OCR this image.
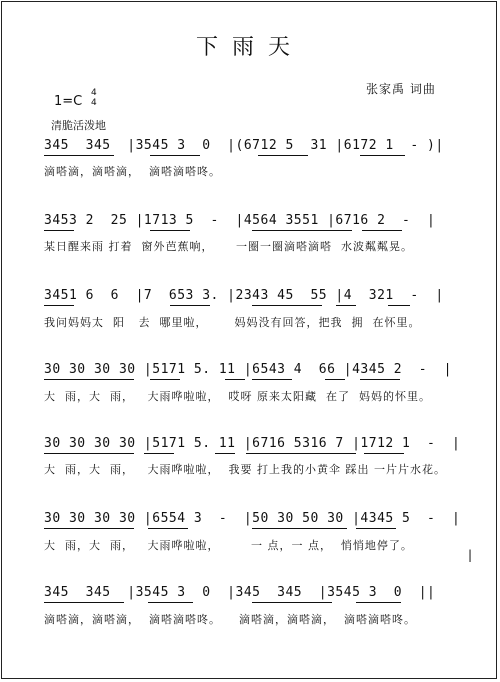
下雨天
张家禹 词曲
1=C
4
4
清脆活泼地
345  345  |3545 3  0  |(6712 5  31 |6172 1  - )|
滴嗒滴，滴嗒滴，  滴嗒滴嗒咚。
3453 2  25 |1713 5  -  |4564 3551 |6716 2  -  |
某日醒来雨 打着  窗外芭蕉响，     一圈一圈滴嗒滴嗒  水波粼粼晃。
3451 6  6  |7  653 3. |2343 45  55 |4  321  -  |
我问妈妈太  阳   去  哪里啦，      妈妈没有回答，把我  拥  在怀里。
30 30 30 30 |5171 5. 11 |6543 4  66 |4345 2  -  |
大  雨，大  雨，   大雨哗啦啦，  哎呀 原来太阳藏  在了  妈妈的怀里。
30 30 30 30 |5171 5. 11 |6716 5316 7 |1712 1  -  |
大  雨，大  雨，   大雨哗啦啦，  我要 打上我的小黄伞 踩出 一片片水花。
30 30 30 30 |6554 3  -  |50 30 50 30 |4345 5  -  |
大  雨，大  雨，   大雨哗啦啦，       一 点，一 点，  悄悄地停了。
345  345  |3545 3  0  |345  345  |3545 3  0  ||
滴嗒滴，滴嗒滴，  滴嗒滴嗒咚。    滴嗒滴，滴嗒滴，  滴嗒滴嗒咚。
|
